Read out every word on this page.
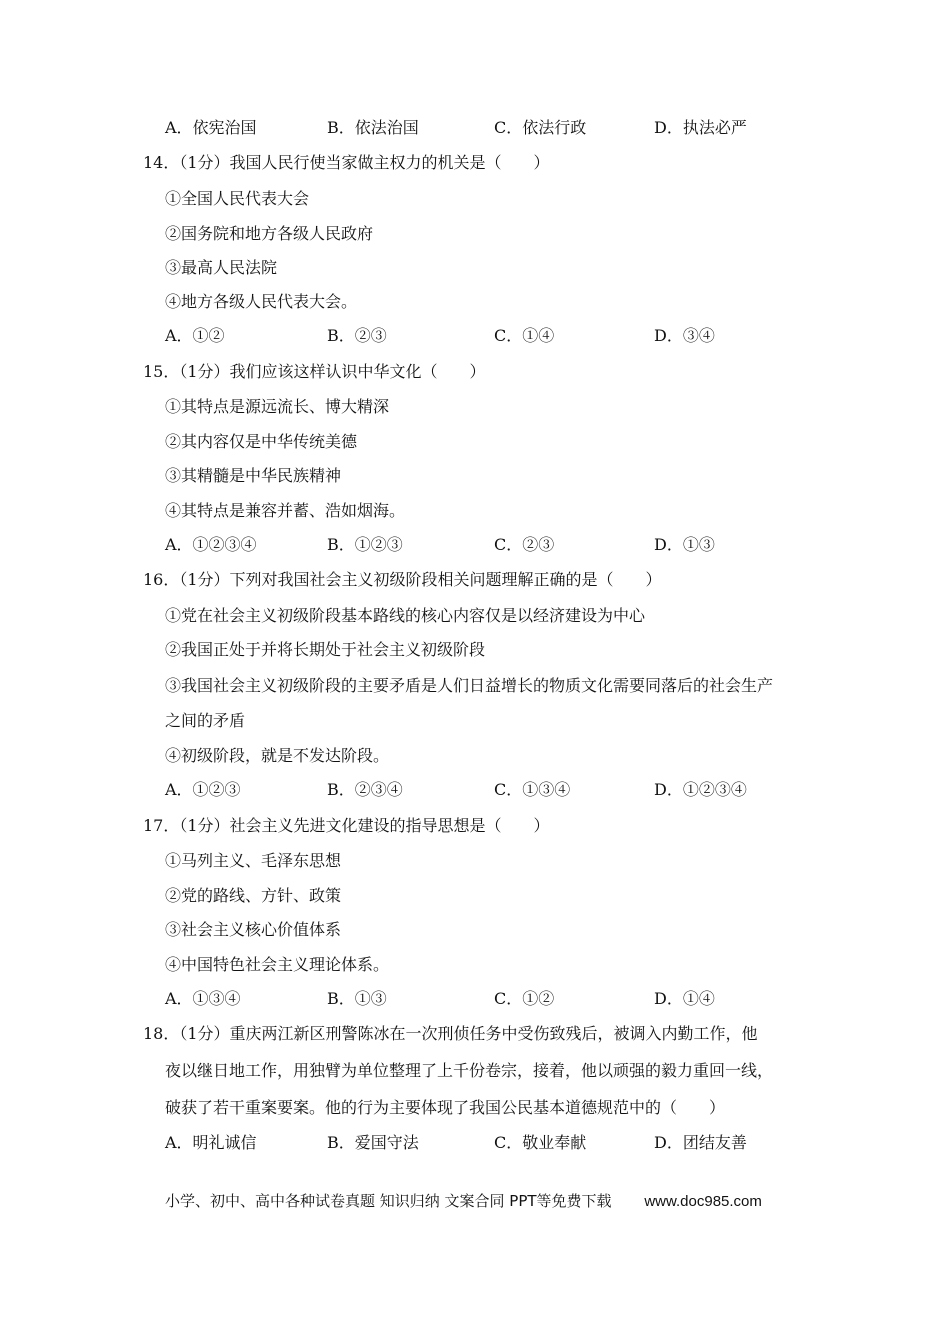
A．依宪治国	B．依法治国	C．依法行政	D．执法必严
14．（1分）我国人民行使当家做主权力的机关是（　　）
①全国人民代表大会
②国务院和地方各级人民政府
③最高人民法院
④地方各级人民代表大会。
A．①②	B．②③	C．①④	D．③④
15．（1分）我们应该这样认识中华文化（　　）
①其特点是源远流长、博大精深
②其内容仅是中华传统美德
③其精髓是中华民族精神
④其特点是兼容并蓄、浩如烟海。
A．①②③④	B．①②③	C．②③	D．①③
16．（1分）下列对我国社会主义初级阶段相关问题理解正确的是（　　）
①党在社会主义初级阶段基本路线的核心内容仅是以经济建设为中心
②我国正处于并将长期处于社会主义初级阶段
③我国社会主义初级阶段的主要矛盾是人们日益增长的物质文化需要同落后的社会生产
之间的矛盾
④初级阶段，就是不发达阶段。
A．①②③	B．②③④	C．①③④	D．①②③④
17．（1分）社会主义先进文化建设的指导思想是（　　）
①马列主义、毛泽东思想
②党的路线、方针、政策
③社会主义核心价值体系
④中国特色社会主义理论体系。
A．①③④	B．①③	C．①②	D．①④
18．（1分）重庆两江新区刑警陈冰在一次刑侦任务中受伤致残后，被调入内勤工作，他
夜以继日地工作，用独臂为单位整理了上千份卷宗，接着，他以顽强的毅力重回一线，
破获了若干重案要案。他的行为主要体现了我国公民基本道德规范中的（　　）
A．明礼诚信	B．爱国守法	C．敬业奉献	D．团结友善
小学、初中、高中各种试卷真题 知识归纳 文案合同 PPT等免费下载 www.doc985.com
